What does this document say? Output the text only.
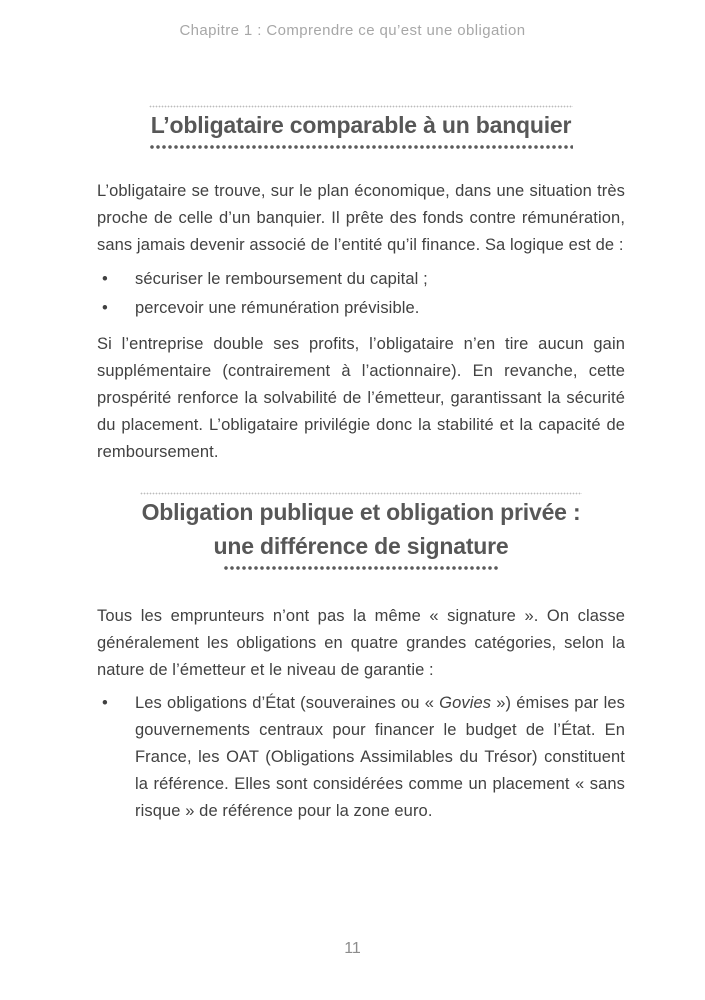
Chapitre 1 : Comprendre ce qu’est une obligation
L’obligataire comparable à un banquier

L’obligataire se trouve, sur le plan économique, dans une situation très proche de celle d’un banquier. Il prête des fonds contre rémunération, sans jamais devenir associé de l’entité qu’il finance. Sa logique est de :

•	sécuriser le remboursement du capital ;
•	percevoir une rémunération prévisible.

Si l’entreprise double ses profits, l’obligataire n’en tire aucun gain supplémentaire (contrairement à l’actionnaire). En revanche, cette prospérité renforce la solvabilité de l’émetteur, garantissant la sécurité du placement. L’obligataire privilégie donc la stabilité et la capacité de remboursement.

Obligation publique et obligation privée :
une différence de signature

Tous les emprunteurs n’ont pas la même « signature ». On classe généralement les obligations en quatre grandes catégories, selon la nature de l’émetteur et le niveau de garantie :

•	Les obligations d’État (souveraines ou « Govies ») émises par les gouvernements centraux pour financer le budget de l’État. En France, les OAT (Obligations Assimilables du Trésor) constituent la référence. Elles sont considérées comme un placement « sans risque » de référence pour la zone euro.
11
